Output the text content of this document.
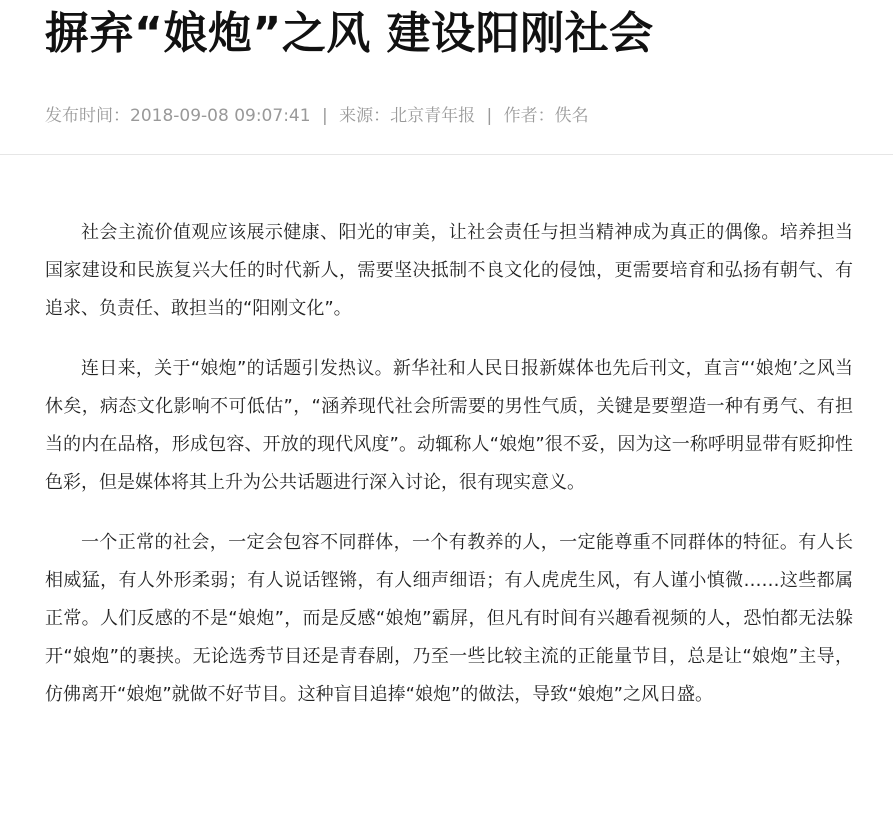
摒弃“娘炮”之风 建设阳刚社会
发布时间：2018-09-08 09:07:41 | 来源：北京青年报 | 作者：佚名

社会主流价值观应该展示健康、阳光的审美，让社会责任与担当精神成为真正的偶像。培养担当国家建设和民族复兴大任的时代新人，需要坚决抵制不良文化的侵蚀，更需要培育和弘扬有朝气、有追求、负责任、敢担当的“阳刚文化”。

连日来，关于“娘炮”的话题引发热议。新华社和人民日报新媒体也先后刊文，直言“‘娘炮’之风当休矣，病态文化影响不可低估”，“涵养现代社会所需要的男性气质，关键是要塑造一种有勇气、有担当的内在品格，形成包容、开放的现代风度”。动辄称人“娘炮”很不妥，因为这一称呼明显带有贬抑性色彩，但是媒体将其上升为公共话题进行深入讨论，很有现实意义。

一个正常的社会，一定会包容不同群体，一个有教养的人，一定能尊重不同群体的特征。有人长相威猛，有人外形柔弱；有人说话铿锵，有人细声细语；有人虎虎生风，有人谨小慎微……这些都属正常。人们反感的不是“娘炮”，而是反感“娘炮”霸屏，但凡有时间有兴趣看视频的人，恐怕都无法躲开“娘炮”的裹挟。无论选秀节目还是青春剧，乃至一些比较主流的正能量节目，总是让“娘炮”主导，仿佛离开“娘炮”就做不好节目。这种盲目追捧“娘炮”的做法，导致“娘炮”之风日盛。
